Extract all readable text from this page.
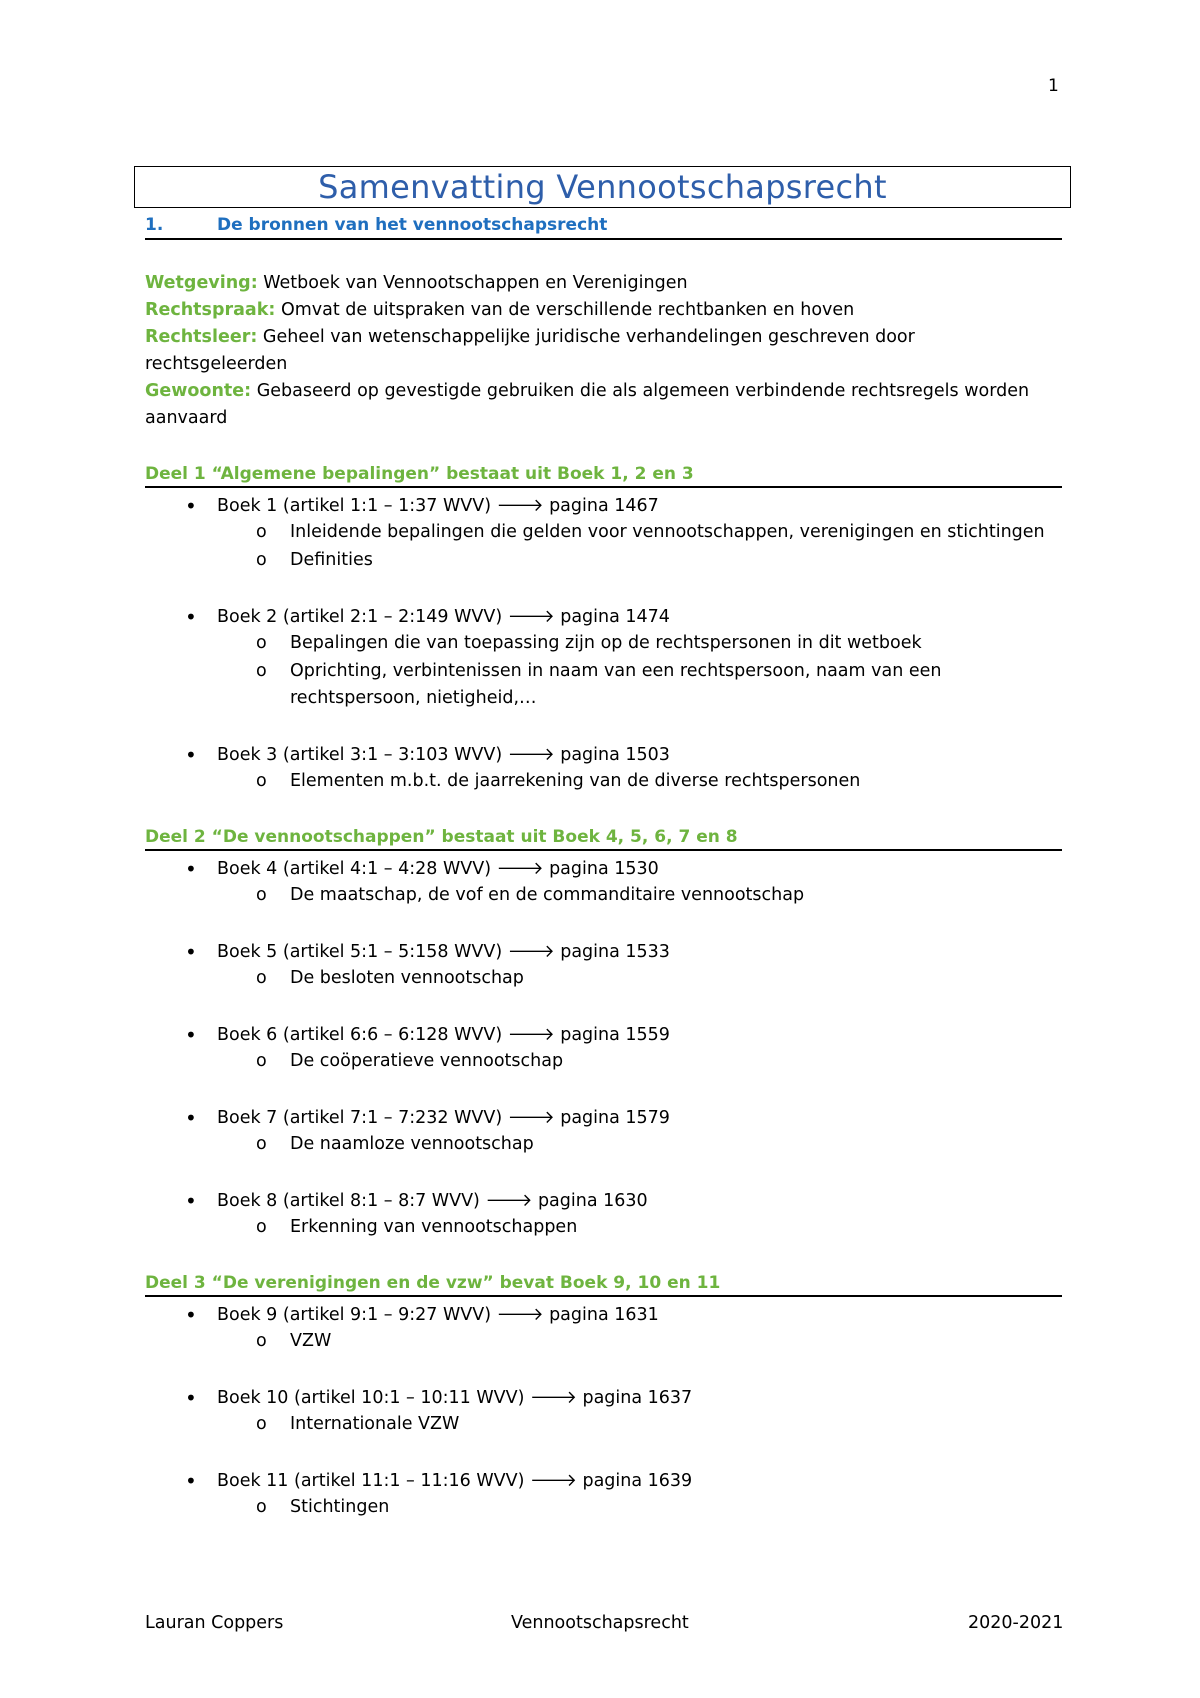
1
Samenvatting Vennootschapsrecht
1.	De bronnen van het vennootschapsrecht
Wetgeving: Wetboek van Vennootschappen en Verenigingen
Rechtspraak: Omvat de uitspraken van de verschillende rechtbanken en hoven
Rechtsleer: Geheel van wetenschappelijke juridische verhandelingen geschreven door
rechtsgeleerden
Gewoonte: Gebaseerd op gevestigde gebruiken die als algemeen verbindende rechtsregels worden
aanvaard
Deel 1 “Algemene bepalingen” bestaat uit Boek 1, 2 en 3
• Boek 1 (artikel 1:1 – 1:37 WVV) 🡒 pagina 1467
o Inleidende bepalingen die gelden voor vennootschappen, verenigingen en stichtingen
o Definities
• Boek 2 (artikel 2:1 – 2:149 WVV) 🡒 pagina 1474
o Bepalingen die van toepassing zijn op de rechtspersonen in dit wetboek
o Oprichting, verbintenissen in naam van een rechtspersoon, naam van een
rechtspersoon, nietigheid,…
• Boek 3 (artikel 3:1 – 3:103 WVV) 🡒 pagina 1503
o Elementen m.b.t. de jaarrekening van de diverse rechtspersonen
Deel 2 “De vennootschappen” bestaat uit Boek 4, 5, 6, 7 en 8
• Boek 4 (artikel 4:1 – 4:28 WVV) 🡒 pagina 1530
o De maatschap, de vof en de commanditaire vennootschap
• Boek 5 (artikel 5:1 – 5:158 WVV) 🡒 pagina 1533
o De besloten vennootschap
• Boek 6 (artikel 6:6 – 6:128 WVV) 🡒 pagina 1559
o De coöperatieve vennootschap
• Boek 7 (artikel 7:1 – 7:232 WVV) 🡒 pagina 1579
o De naamloze vennootschap
• Boek 8 (artikel 8:1 – 8:7 WVV) 🡒 pagina 1630
o Erkenning van vennootschappen
Deel 3 “De verenigingen en de vzw” bevat Boek 9, 10 en 11
• Boek 9 (artikel 9:1 – 9:27 WVV) 🡒 pagina 1631
o VZW
• Boek 10 (artikel 10:1 – 10:11 WVV) 🡒 pagina 1637
o Internationale VZW
• Boek 11 (artikel 11:1 – 11:16 WVV) 🡒 pagina 1639
o Stichtingen
Lauran Coppers	Vennootschapsrecht	2020-2021
